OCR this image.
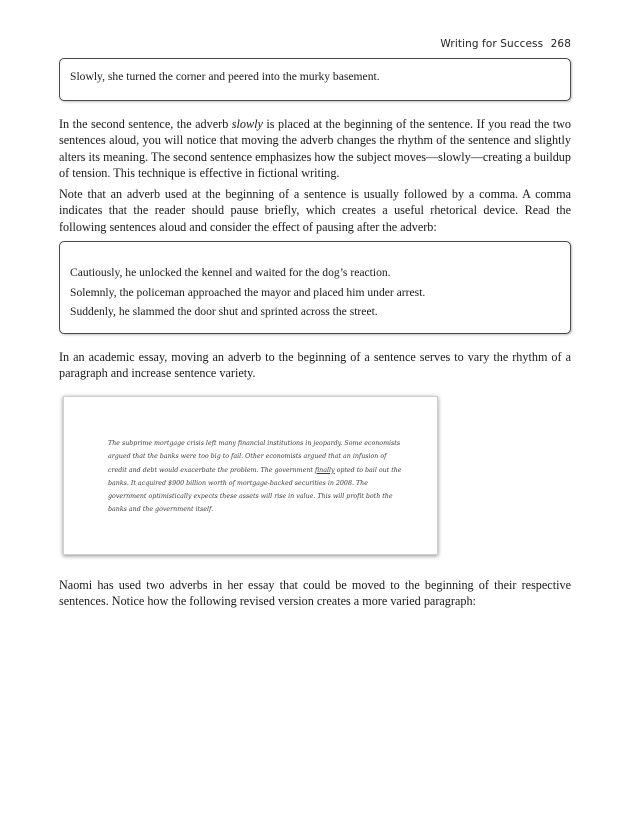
Writing for Success 268

Slowly, she turned the corner and peered into the murky basement.

In the second sentence, the adverb slowly is placed at the beginning of the sentence. If you read the two sentences aloud, you will notice that moving the adverb changes the rhythm of the sentence and slightly alters its meaning. The second sentence emphasizes how the subject moves—slowly—creating a buildup of tension. This technique is effective in fictional writing.

Note that an adverb used at the beginning of a sentence is usually followed by a comma. A comma indicates that the reader should pause briefly, which creates a useful rhetorical device. Read the following sentences aloud and consider the effect of pausing after the adverb:

Cautiously, he unlocked the kennel and waited for the dog’s reaction.

Solemnly, the policeman approached the mayor and placed him under arrest.

Suddenly, he slammed the door shut and sprinted across the street.

In an academic essay, moving an adverb to the beginning of a sentence serves to vary the rhythm of a paragraph and increase sentence variety.

The subprime mortgage crisis left many financial institutions in jeopardy. Some economists argued that the banks were too big to fail. Other economists argued that an infusion of credit and debt would exacerbate the problem. The government finally opted to bail out the banks. It acquired $900 billion worth of mortgage-backed securities in 2008. The government optimistically expects these assets will rise in value. This will profit both the banks and the government itself.

Naomi has used two adverbs in her essay that could be moved to the beginning of their respective sentences. Notice how the following revised version creates a more varied paragraph:
